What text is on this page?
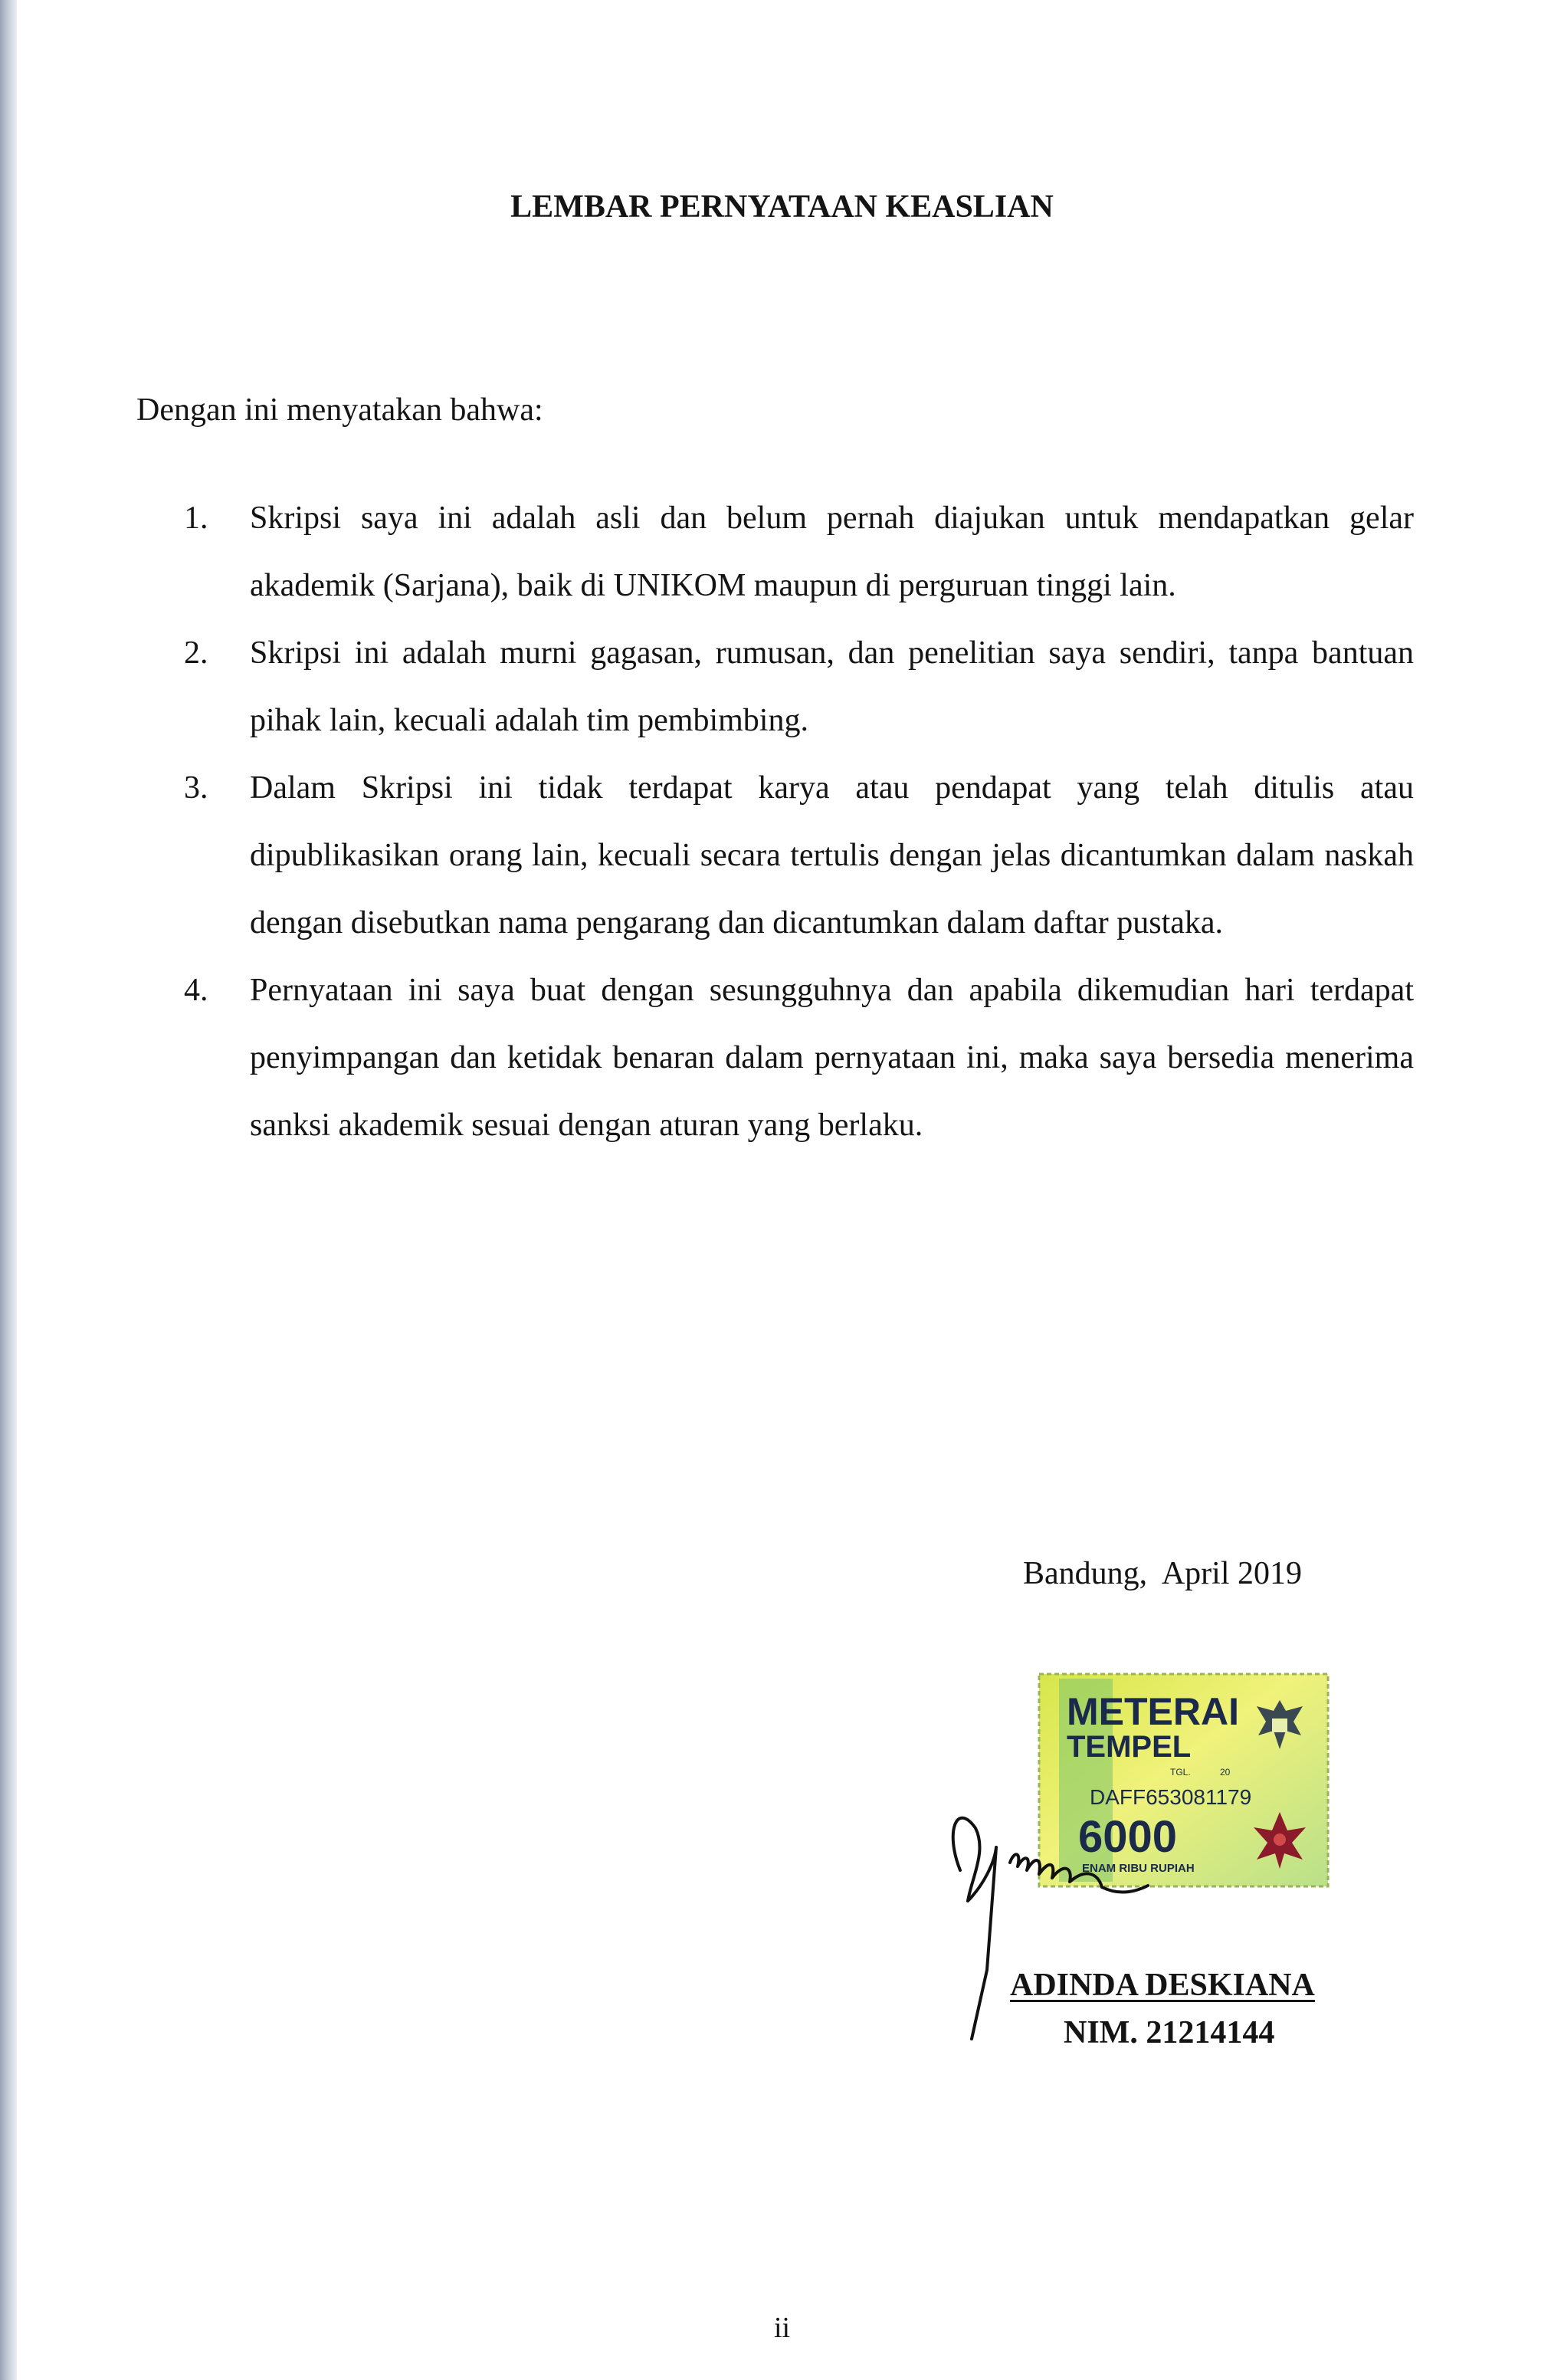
LEMBAR PERNYATAAN KEASLIAN
Dengan ini menyatakan bahwa:
1.	Skripsi saya ini adalah asli dan belum pernah diajukan untuk mendapatkan gelar akademik (Sarjana), baik di UNIKOM maupun di perguruan tinggi lain.
2.	Skripsi ini adalah murni gagasan, rumusan, dan penelitian saya sendiri, tanpa bantuan pihak lain, kecuali adalah tim pembimbing.
3.	Dalam Skripsi ini tidak terdapat karya atau pendapat yang telah ditulis atau dipublikasikan orang lain, kecuali secara tertulis dengan jelas dicantumkan dalam naskah dengan disebutkan nama pengarang dan dicantumkan dalam daftar pustaka.
4.	Pernyataan ini saya buat dengan sesungguhnya dan apabila dikemudian hari terdapat penyimpangan dan ketidak benaran dalam pernyataan ini, maka saya bersedia menerima sanksi akademik sesuai dengan aturan yang berlaku.
Bandung,  April 2019
METERAI
TEMPEL
TGL.	20
DAFF653081179
6000
ENAM RIBU RUPIAH
ADINDA DESKIANA
NIM. 21214144
ii
